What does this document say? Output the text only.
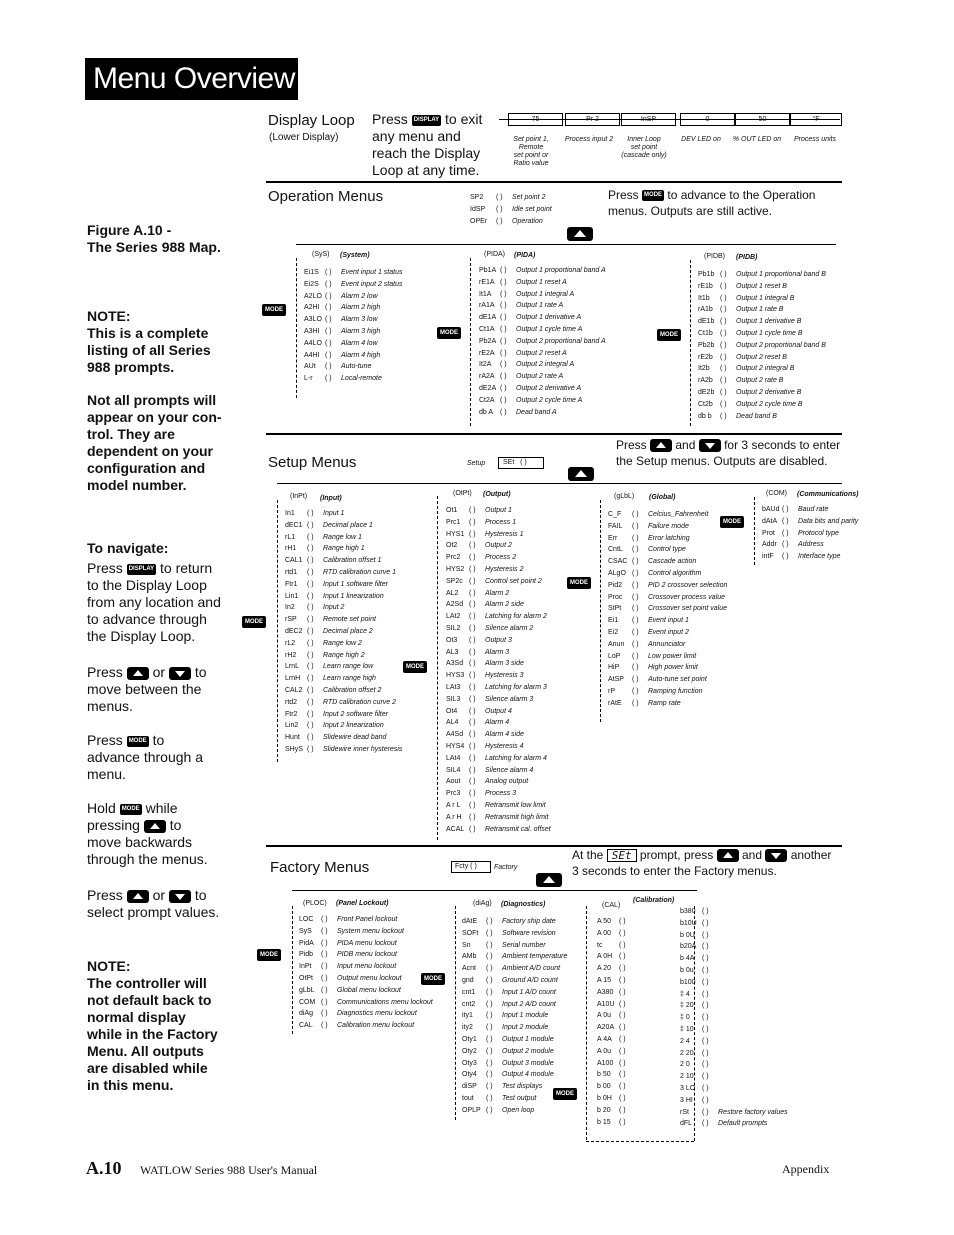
Menu Overview
Figure A.10 -
The Series 988 Map.
NOTE:
This is a complete
listing of all Series
988 prompts.
Not all prompts will
appear on your con-
trol. They are
dependent on your
configuration and
model number.
To navigate:
Press DISPLAY to return
to the Display Loop
from any location and
to advance through
the Display Loop.
Press or to
move between the
menus.
Press MODE to
advance through a
menu.
Hold MODE while
pressing to
move backwards
through the menus.
Press or to
select prompt values.
NOTE:
The controller will
not default back to
normal display
while in the Factory
Menu. All outputs
are disabled while
in this menu.
Display Loop
(Lower Display)
Press DISPLAY to exit
any menu and
reach the Display
Loop at any time.
75	Pr 2	InSP	0	50	°F
Set point 1,
Remote
set point or
Ratio value
Process input 2	Inner Loop
set point
(cascade only)
DEV LED on	% OUT LED on	Process units
Operation Menus	SP2	( )	Set point 2
IdSP	( )	Idle set point
OPEr	( )	Operation
Press MODE to advance to the Operation
menus. Outputs are still active.
(SyS) (System)
Ei1S ( )	Event input 1 status
Ei2S ( )	Event input 2 status
A2LO ( )	Alarm 2 low
A2HI ( )	Alarm 2 high
A3LO ( )	Alarm 3 low
A3HI ( )	Alarm 3 high
A4LO ( )	Alarm 4 low
A4HI ( )	Alarm 4 high
AUt	( )	Auto-tune
L-r	( )	Local-remote
MODE
(PIDA) (PIDA)
Pb1A ( )	Output 1 proportional band A
rE1A ( )	Output 1 reset A
It1A	( )	Output 1 integral A
rA1A ( )	Output 1 rate A
dE1A ( )	Output 1 derivative A
Ct1A ( )	Output 1 cycle time A
Pb2A ( )	Output 2 proportional band A
rE2A ( )	Output 2 reset A
It2A	( )	Output 2 integral A
rA2A ( )	Output 2 rate A
dE2A ( )	Output 2 derivative A
Ct2A ( )	Output 2 cycle time A
db A ( )	Dead band A
MODE
(PIDB) (PIDB)
Pb1b ( )	Output 1 proportional band B
rE1b	( )	Output 1 reset B
It1b	( )	Output 1 integral B
rA1b	( )	Output 1 rate B
dE1b ( )	Output 1 derivative B
Ct1b	( )	Output 1 cycle time B
Pb2b ( )	Output 2 proportional band B
rE2b	( )	Output 2 reset B
It2b	( )	Output 2 integral B
rA2b	( )	Output 2 rate B
dE2b ( )	Output 2 derivative B
Ct2b	( )	Output 2 cycle time B
db b	( )	Dead band B
MODE
Setup Menus	Setup	SEt   ( )
Press and for 3 seconds to enter
the Setup menus. Outputs are disabled.
(InPt) (Input)
In1	( )	Input 1
dEC1 ( )	Decimal place 1
rL1	( )	Range low 1
rH1	( )	Range high 1
CAL1 ( )	Calibration offset 1
rtd1	( )	RTD calibration curve 1
Ftr1	( )	Input 1 software filter
Lin1	( )	Input 1 linearization
In2	( )	Input 2
rSP	( )	Remote set point
dEC2 ( )	Decimal place 2
rL2	( )	Range low 2
rH2	( )	Range high 2
LrnL	( )	Learn range low
LrnH ( )	Learn range high
CAL2 ( )	Calibration offset 2
rtd2	( )	RTD calibration curve 2
Ftr2	( )	Input 2 software filter
Lin2	( )	Input 2 linearization
Hunt	( )	Slidewire dead band
SHyS ( )	Slidewire inner hysteresis
MODE
(OtPt) (Output)
Ot1	( )	Output 1
Prc1	( )	Process 1
HYS1 ( )	Hysteresis 1
Ot2	( )	Output 2
Prc2	( )	Process 2
HYS2 ( )	Hysteresis 2
SP2c ( )	Control set point 2
AL2	( )	Alarm 2
A2Sd ( )	Alarm 2 side
LAt2	( )	Latching for alarm 2
SIL2	( )	Silence alarm 2
Ot3	( )	Output 3
AL3	( )	Alarm 3
A3Sd ( )	Alarm 3 side
HYS3 ( )	Hysteresis 3
LAt3	( )	Latching for alarm 3
SIL3	( )	Silence alarm 3
Ot4	( )	Output 4
AL4	( )	Alarm 4
A4Sd ( )	Alarm 4 side
HYS4 ( )	Hysteresis 4
LAt4	( )	Latching for alarm 4
SIL4	( )	Silence alarm 4
Aout	( )	Analog output
Prc3	( )	Process 3
A r L	( )	Retransmit low limit
A r H	( )	Retransmit high limit
ACAL ( )	Retransmit cal. offset
MODE
(gLbL) (Global)
C_F	( )	Celcius_Fahrenheit
FAIL	( )	Failure mode
Err	( )	Error latching
CntL	( )	Control type
CSAC ( )	Cascade action
ALgO ( )	Control algorithm
Pid2	( )	PID 2 crossover selection
Proc	( )	Crossover process value
StPt	( )	Crossover set point value
Ei1	( )	Event input 1
Ei2	( )	Event input 2
Anun	( )	Annunciator
LoP	( )	Low power limit
HiP	( )	High power limit
AtSP	( )	Auto-tune set point
rP	( )	Ramping function
rAtE	( )	Ramp rate
MODE
(COM) (Communications)
bAUd ( )	Baud rate
dAtA ( )	Data bits and parity
Prot	( )	Protocol type
Addr ( )	Address
intF	( )	Interface type
MODE
Factory Menus	Fcty ( )	Factory
At the SEt prompt, press and another
3 seconds to enter the Factory menus.
(PLOC) (Panel Lockout)
LOC	( )	Front Panel lockout
SyS	( )	System menu lockout
PidA	( )	PIDA menu lockout
Pidb	( )	PIDB menu lockout
InPt	( )	Input menu lockout
OtPt	( )	Output menu lockout
gLbL ( )	Global menu lockout
COM ( )	Communications menu lockout
diAg	( )	Diagnostics menu lockout
CAL	( )	Calibration menu lockout
MODE
(diAg) (Diagnostics)
dAtE	( )	Factory ship date
SOFt	( )	Software revision
Sn	( )	Serial number
AMb	( )	Ambient temperature
Acnt	( )	Ambient A/D count
gnd	( )	Ground A/D count
cnt1	( )	Input 1 A/D count
cnt2	( )	Input 2 A/D count
ity1	( )	Input 1 module
ity2	( )	Input 2 module
Oty1	( )	Output 1 module
Oty2	( )	Output 2 module
Oty3	( )	Output 3 module
Oty4	( )	Output 4 module
diSP	( )	Test displays
tout	( )	Test output
OPLP ( )	Open loop
MODE
(CAL)
(Calibration)
A 50	( )
A 00	( )
tc	( )
A 0H ( )
A 20	( )
A 15	( )
A380 ( )
A10U ( )
A 0u	( )
A20A ( )
A 4A	( )
A 0u	( )
A100 ( )
b 50	( )
b 00	( )
b 0H	( )
b 20	( )
b 15	( )
b380 ( )
b10U ( )
b 0U	( )
b20A ( )
b 4A	( )
b 0u	( )
b100 ( )
‡ 4	( )
‡ 20	( )
‡ 0	( )
‡ 10	( )
2 4	( )
2 20	( )
2 0	( )
2 10	( )
3 LO ( )
3 HI	( )
rSt	( )	Restore factory values
dFL	( )	Default prompts
MODE
A.10 WATLOW Series 988 User's Manual	Appendix
